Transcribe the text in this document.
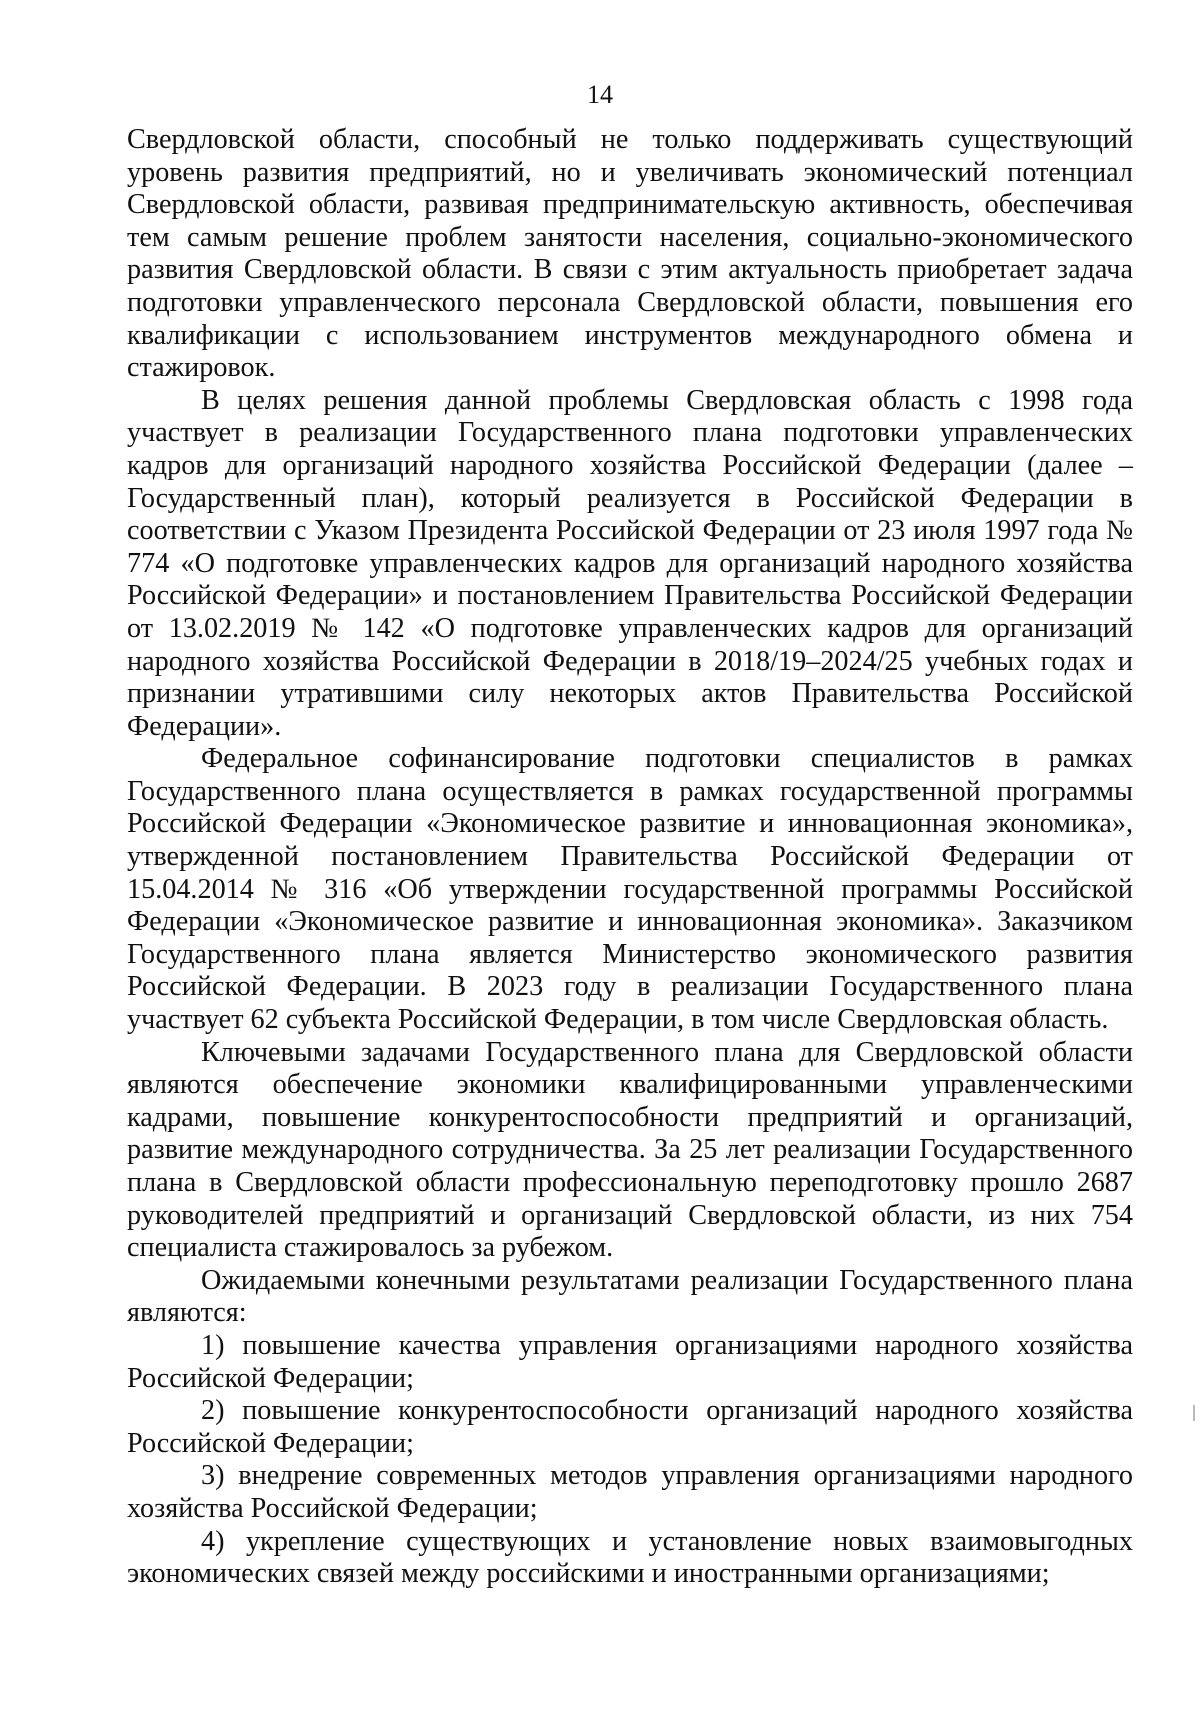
14

Свердловской области, способный не только поддерживать существующий уровень развития предприятий, но и увеличивать экономический потенциал Свердловской области, развивая предпринимательскую активность, обеспечивая тем самым решение проблем занятости населения, социально-экономического развития Свердловской области. В связи с этим актуальность приобретает задача подготовки управленческого персонала Свердловской области, повышения его квалификации с использованием инструментов международного обмена и стажировок.

В целях решения данной проблемы Свердловская область с 1998 года участвует в реализации Государственного плана подготовки управленческих кадров для организаций народного хозяйства Российской Федерации (далее – Государственный план), который реализуется в Российской Федерации в соответствии с Указом Президента Российской Федерации от 23 июля 1997 года № 774 «О подготовке управленческих кадров для организаций народного хозяйства Российской Федерации» и постановлением Правительства Российской Федерации от 13.02.2019 № 142 «О подготовке управленческих кадров для организаций народного хозяйства Российской Федерации в 2018/19–2024/25 учебных годах и признании утратившими силу некоторых актов Правительства Российской Федерации».

Федеральное софинансирование подготовки специалистов в рамках Государственного плана осуществляется в рамках государственной программы Российской Федерации «Экономическое развитие и инновационная экономика», утвержденной постановлением Правительства Российской Федерации от 15.04.2014 № 316 «Об утверждении государственной программы Российской Федерации «Экономическое развитие и инновационная экономика». Заказчиком Государственного плана является Министерство экономического развития Российской Федерации. В 2023 году в реализации Государственного плана участвует 62 субъекта Российской Федерации, в том числе Свердловская область.

Ключевыми задачами Государственного плана для Свердловской области являются обеспечение экономики квалифицированными управленческими кадрами, повышение конкурентоспособности предприятий и организаций, развитие международного сотрудничества. За 25 лет реализации Государственного плана в Свердловской области профессиональную переподготовку прошло 2687 руководителей предприятий и организаций Свердловской области, из них 754 специалиста стажировалось за рубежом.

Ожидаемыми конечными результатами реализации Государственного плана являются:

1) повышение качества управления организациями народного хозяйства Российской Федерации;

2) повышение конкурентоспособности организаций народного хозяйства Российской Федерации;

3) внедрение современных методов управления организациями народного хозяйства Российской Федерации;

4) укрепление существующих и установление новых взаимовыгодных экономических связей между российскими и иностранными организациями;
